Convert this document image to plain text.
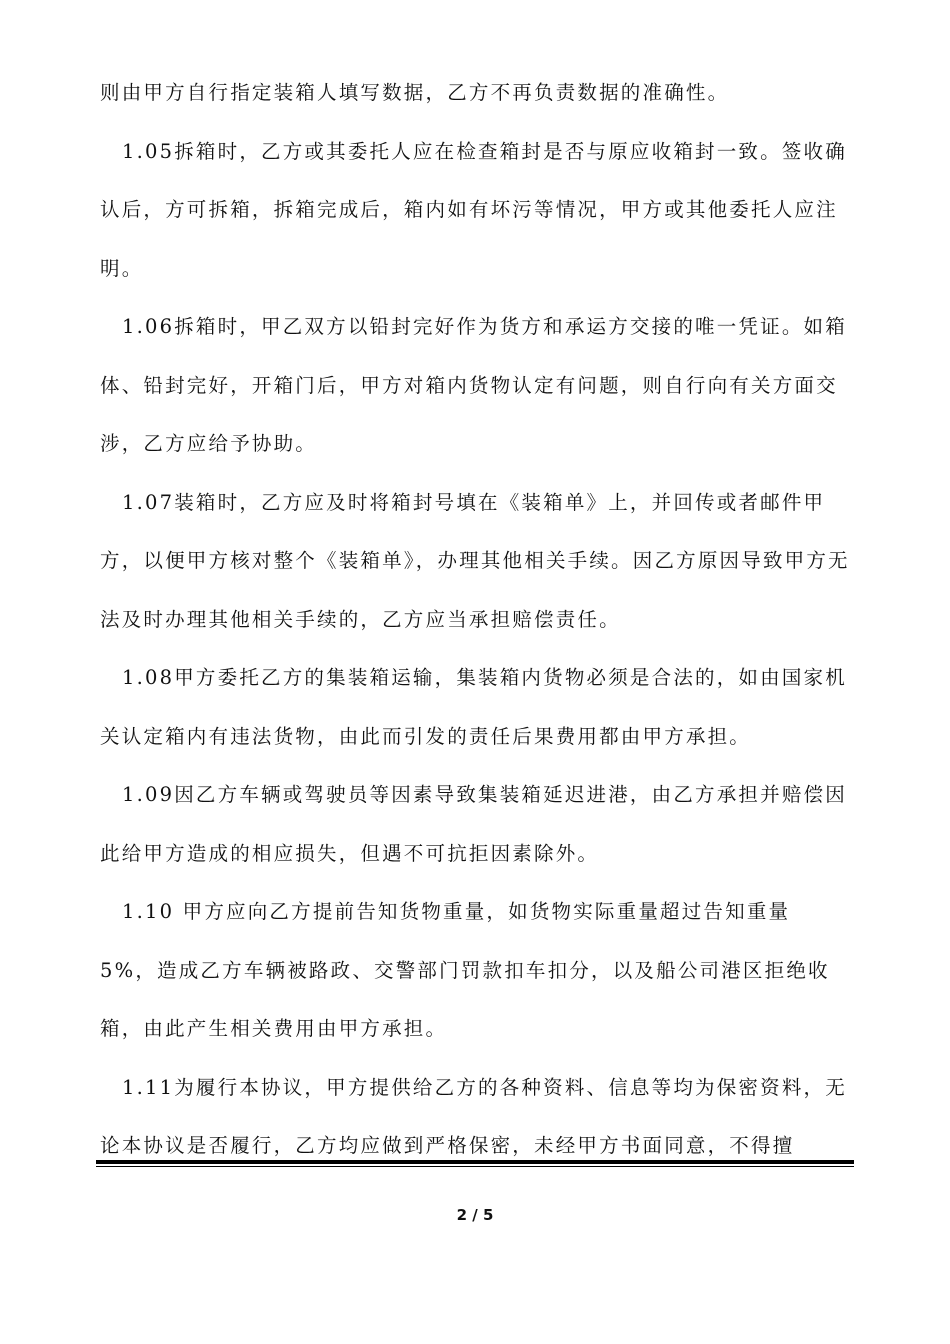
则由甲方自行指定装箱人填写数据，乙方不再负责数据的准确性。

1.05拆箱时，乙方或其委托人应在检查箱封是否与原应收箱封一致。签收确认后，方可拆箱，拆箱完成后，箱内如有坏污等情况，甲方或其他委托人应注明。

1.06拆箱时，甲乙双方以铅封完好作为货方和承运方交接的唯一凭证。如箱体、铅封完好，开箱门后，甲方对箱内货物认定有问题，则自行向有关方面交涉，乙方应给予协助。

1.07装箱时，乙方应及时将箱封号填在《装箱单》上，并回传或者邮件甲方，以便甲方核对整个《装箱单》，办理其他相关手续。因乙方原因导致甲方无法及时办理其他相关手续的，乙方应当承担赔偿责任。

1.08甲方委托乙方的集装箱运输，集装箱内货物必须是合法的，如由国家机关认定箱内有违法货物，由此而引发的责任后果费用都由甲方承担。

1.09因乙方车辆或驾驶员等因素导致集装箱延迟进港，由乙方承担并赔偿因此给甲方造成的相应损失，但遇不可抗拒因素除外。

1.10 甲方应向乙方提前告知货物重量，如货物实际重量超过告知重量 5%，造成乙方车辆被路政、交警部门罚款扣车扣分，以及船公司港区拒绝收箱，由此产生相关费用由甲方承担。

1.11为履行本协议，甲方提供给乙方的各种资料、信息等均为保密资料，无论本协议是否履行，乙方均应做到严格保密，未经甲方书面同意，不得擅

2 / 5
